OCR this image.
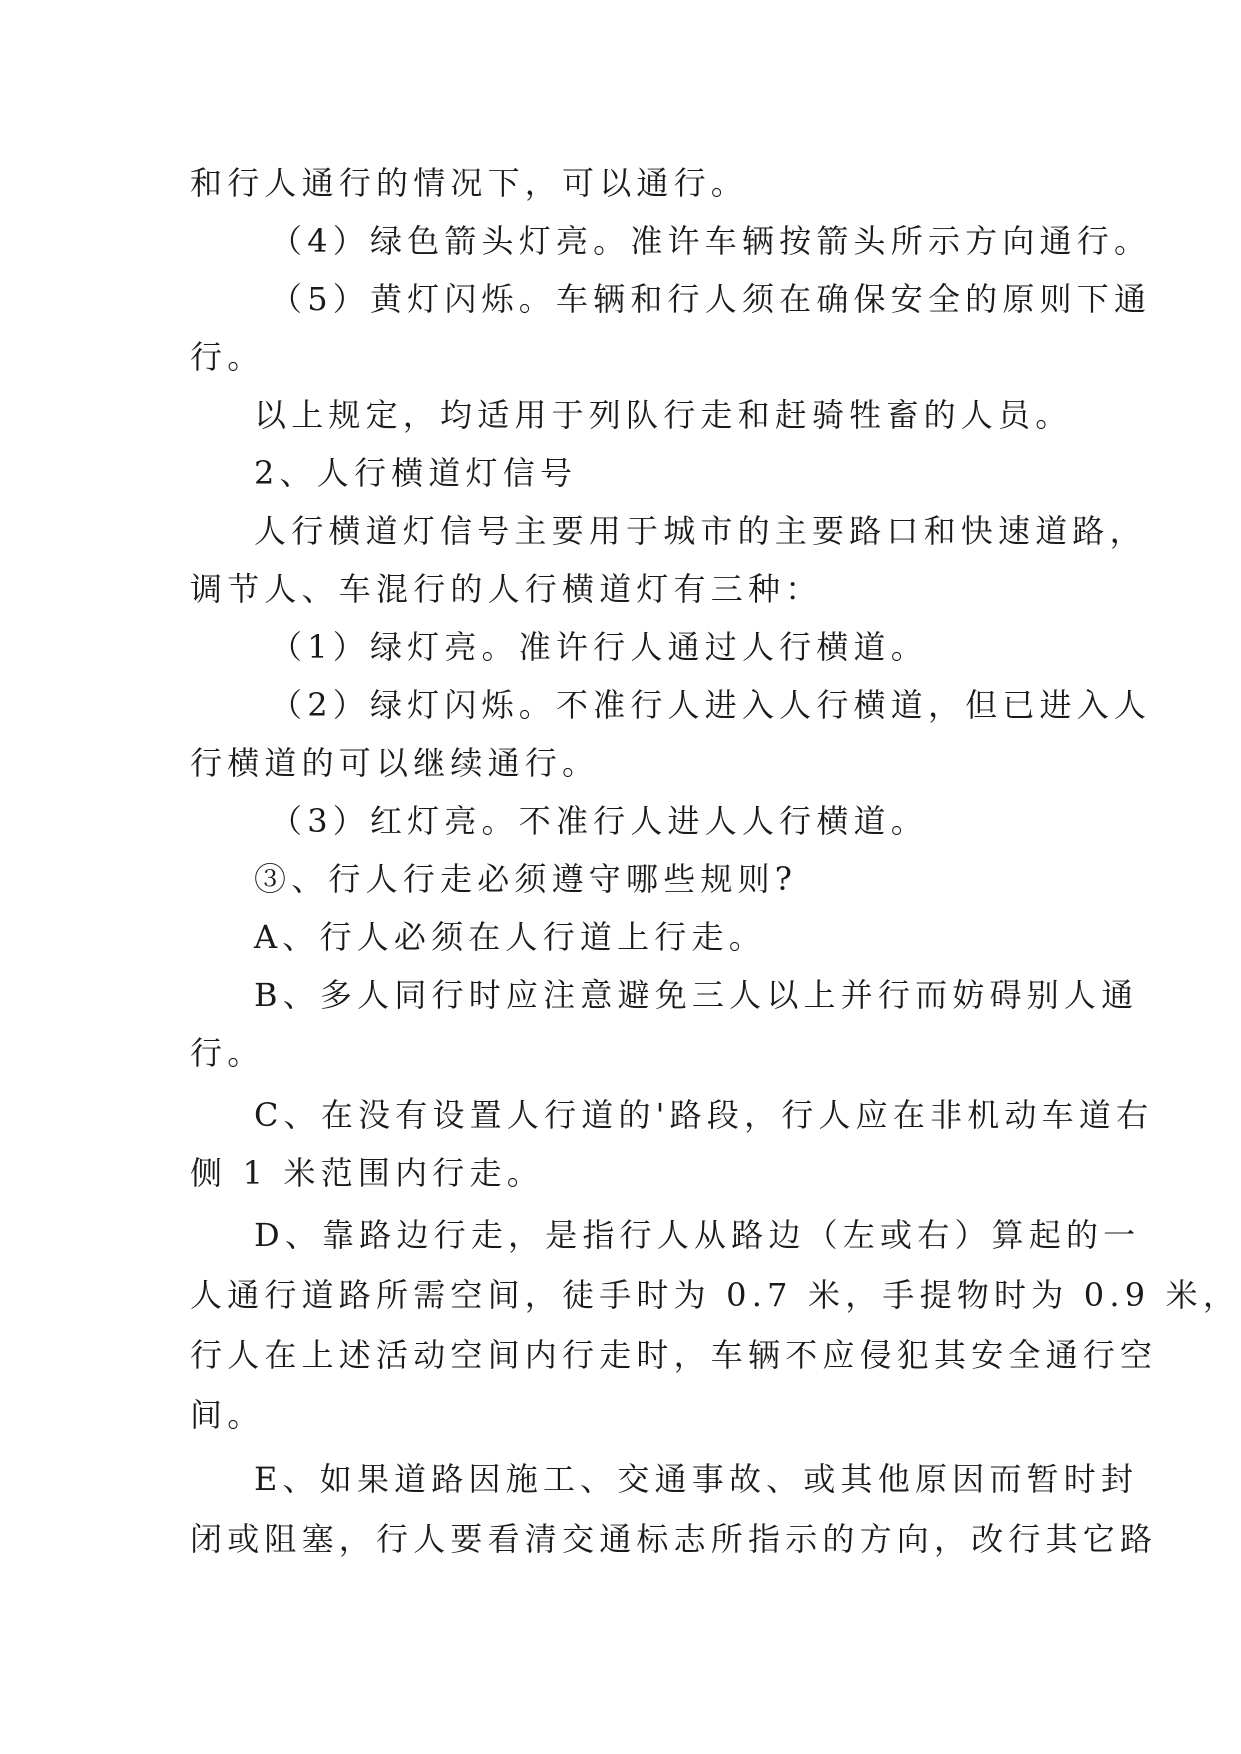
和行人通行的情况下，可以通行。
（4）绿色箭头灯亮。准许车辆按箭头所示方向通行。
（5）黄灯闪烁。车辆和行人须在确保安全的原则下通
行。
以上规定，均适用于列队行走和赶骑牲畜的人员。
2、人行横道灯信号
人行横道灯信号主要用于城市的主要路口和快速道路，
调节人、车混行的人行横道灯有三种：
（1）绿灯亮。准许行人通过人行横道。
（2）绿灯闪烁。不准行人进入人行横道，但已进入人
行横道的可以继续通行。
（3）红灯亮。不准行人进人人行横道。
③、行人行走必须遵守哪些规则?
A、行人必须在人行道上行走。
B、多人同行时应注意避免三人以上并行而妨碍别人通
行。
C、在没有设置人行道的'路段，行人应在非机动车道右
侧 1 米范围内行走。
D、靠路边行走，是指行人从路边（左或右）算起的一
人通行道路所需空间，徒手时为 0.7 米，手提物时为 0.9 米，
行人在上述活动空间内行走时，车辆不应侵犯其安全通行空
间。
E、如果道路因施工、交通事故、或其他原因而暂时封
闭或阻塞，行人要看清交通标志所指示的方向，改行其它路
